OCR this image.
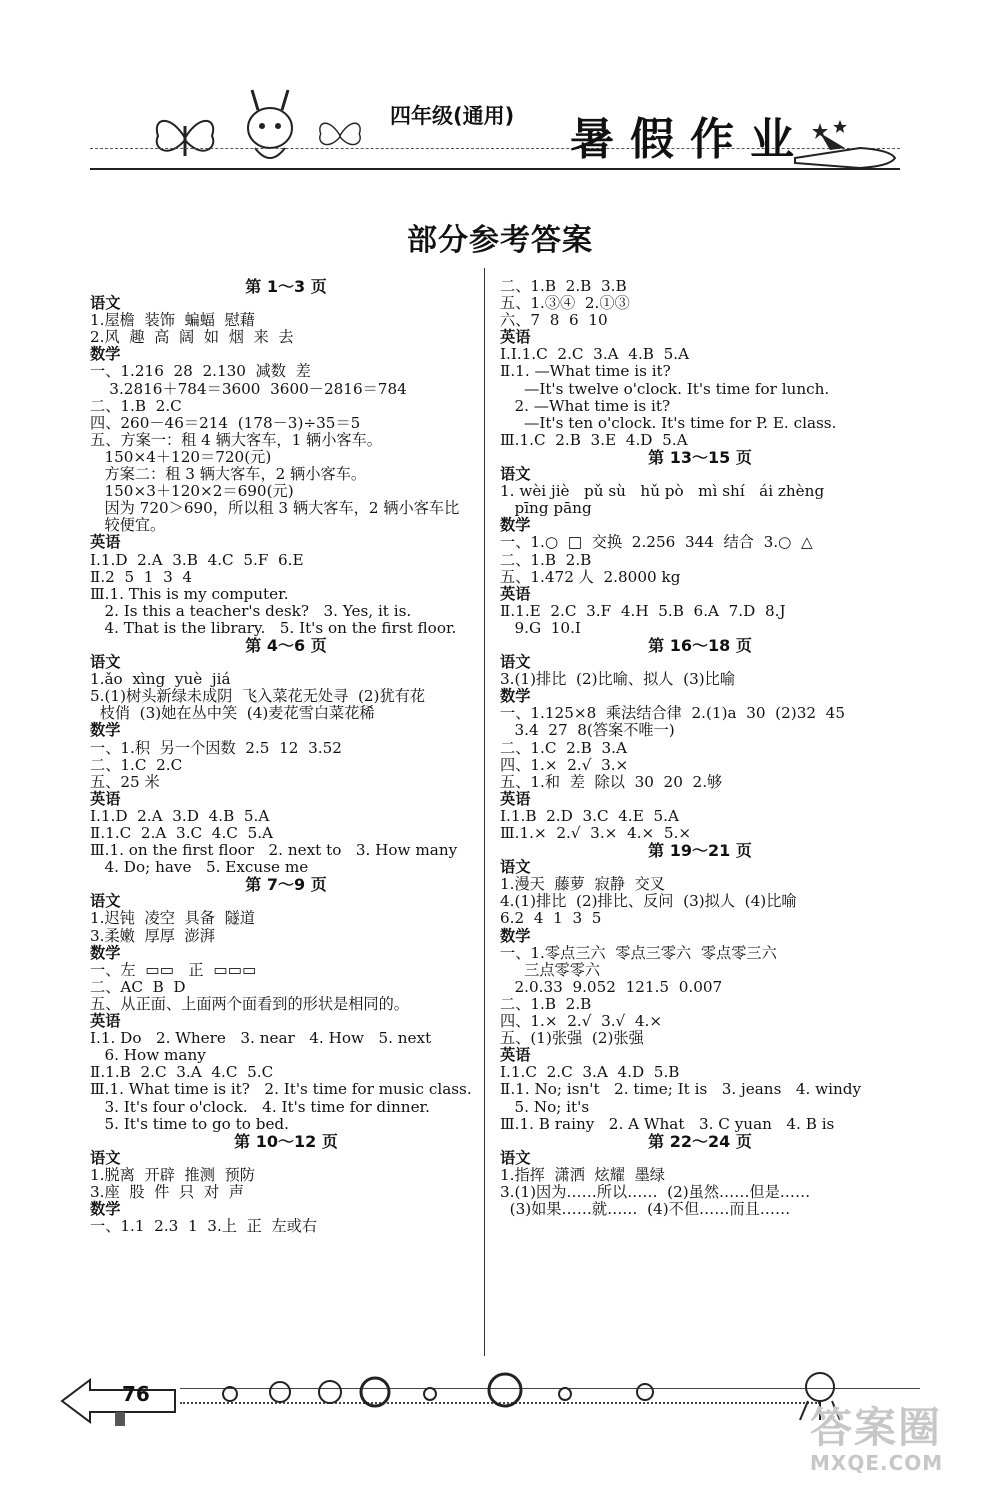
四年级(通用) 暑假作业
部分参考答案
第 1～3 页
语文
1.屋檐  装饰  蝙蝠  慰藉
2.风  趣  高  阔  如  烟  来  去
数学
一、1.216  28  2.130  减数  差
3.2816＋784＝3600  3600－2816＝784
二、1.B  2.C
四、260－46＝214  (178－3)÷35＝5
五、方案一：租 4 辆大客车，1 辆小客车。
150×4＋120＝720(元)
方案二：租 3 辆大客车，2 辆小客车。
150×3＋120×2＝690(元)
因为 720＞690，所以租 3 辆大客车，2 辆小客车比
较便宜。
英语
Ⅰ.1.D  2.A  3.B  4.C  5.F  6.E
Ⅱ.2  5  1  3  4
Ⅲ.1. This is my computer.
2. Is this a teacher's desk?   3. Yes, it is.
4. That is the library.   5. It's on the first floor.
第 4～6 页
语文
1.ǎo  xìng  yuè  jiá
5.(1)树头新绿未成阴  飞入菜花无处寻  (2)犹有花
枝俏  (3)她在丛中笑  (4)麦花雪白菜花稀
数学
一、1.积  另一个因数  2.5  12  3.52
二、1.C  2.C
五、25 米
英语
Ⅰ.1.D  2.A  3.D  4.B  5.A
Ⅱ.1.C  2.A  3.C  4.C  5.A
Ⅲ.1. on the first floor   2. next to   3. How many
4. Do; have   5. Excuse me
第 7～9 页
语文
1.迟钝  凌空  具备  隧道
3.柔嫩  厚厚  澎湃
数学
一、左  ▭▭   正  ▭▭▭
二、AC  B  D
五、从正面、上面两个面看到的形状是相同的。
英语
Ⅰ.1. Do   2. Where   3. near   4. How   5. next
6. How many
Ⅱ.1.B  2.C  3.A  4.C  5.C
Ⅲ.1. What time is it?   2. It's time for music class.
3. It's four o'clock.   4. It's time for dinner.
5. It's time to go to bed.
第 10～12 页
语文
1.脱离  开辟  推测  预防
3.座  股  件  只  对  声
数学
一、1.1  2.3  1  3.上  正  左或右
二、1.B  2.B  3.B
五、1.③④  2.①③
六、7  8  6  10
英语
Ⅰ.Ⅰ.1.C  2.C  3.A  4.B  5.A
Ⅱ.1. —What time is it?
—It's twelve o'clock. It's time for lunch.
2. —What time is it?
—It's ten o'clock. It's time for P. E. class.
Ⅲ.1.C  2.B  3.E  4.D  5.A
第 13～15 页
语文
1. wèi jiè   pǔ sù   hǔ pò   mì shí   ái zhèng
pīng pāng
数学
一、1.○  □  交换  2.256  344  结合  3.○  △
二、1.B  2.B
五、1.472 人  2.8000 kg
英语
Ⅱ.1.E  2.C  3.F  4.H  5.B  6.A  7.D  8.J
9.G  10.I
第 16～18 页
语文
3.(1)排比  (2)比喻、拟人  (3)比喻
数学
一、1.125×8  乘法结合律  2.(1)a  30  (2)32  45
3.4  27  8(答案不唯一)
二、1.C  2.B  3.A
四、1.×  2.√  3.×
五、1.和  差  除以  30  20  2.够
英语
Ⅰ.1.B  2.D  3.C  4.E  5.A
Ⅲ.1.×  2.√  3.×  4.×  5.×
第 19～21 页
语文
1.漫天  藤萝  寂静  交叉
4.(1)排比  (2)排比、反问  (3)拟人  (4)比喻
6.2  4  1  3  5
数学
一、1.零点三六  零点三零六  零点零三六
三点零零六
2.0.33  9.052  121.5  0.007
二、1.B  2.B
四、1.×  2.√  3.√  4.×
五、(1)张强  (2)张强
英语
Ⅰ.1.C  2.C  3.A  4.D  5.B
Ⅱ.1. No; isn't   2. time; It is   3. jeans   4. windy
5. No; it's
Ⅲ.1. B rainy   2. A What   3. C yuan   4. B is
第 22～24 页
语文
1.指挥  潇洒  炫耀  墨绿
3.(1)因为……所以……  (2)虽然……但是……
(3)如果……就……  (4)不但……而且……
76
答案圈
MXQE.COM
